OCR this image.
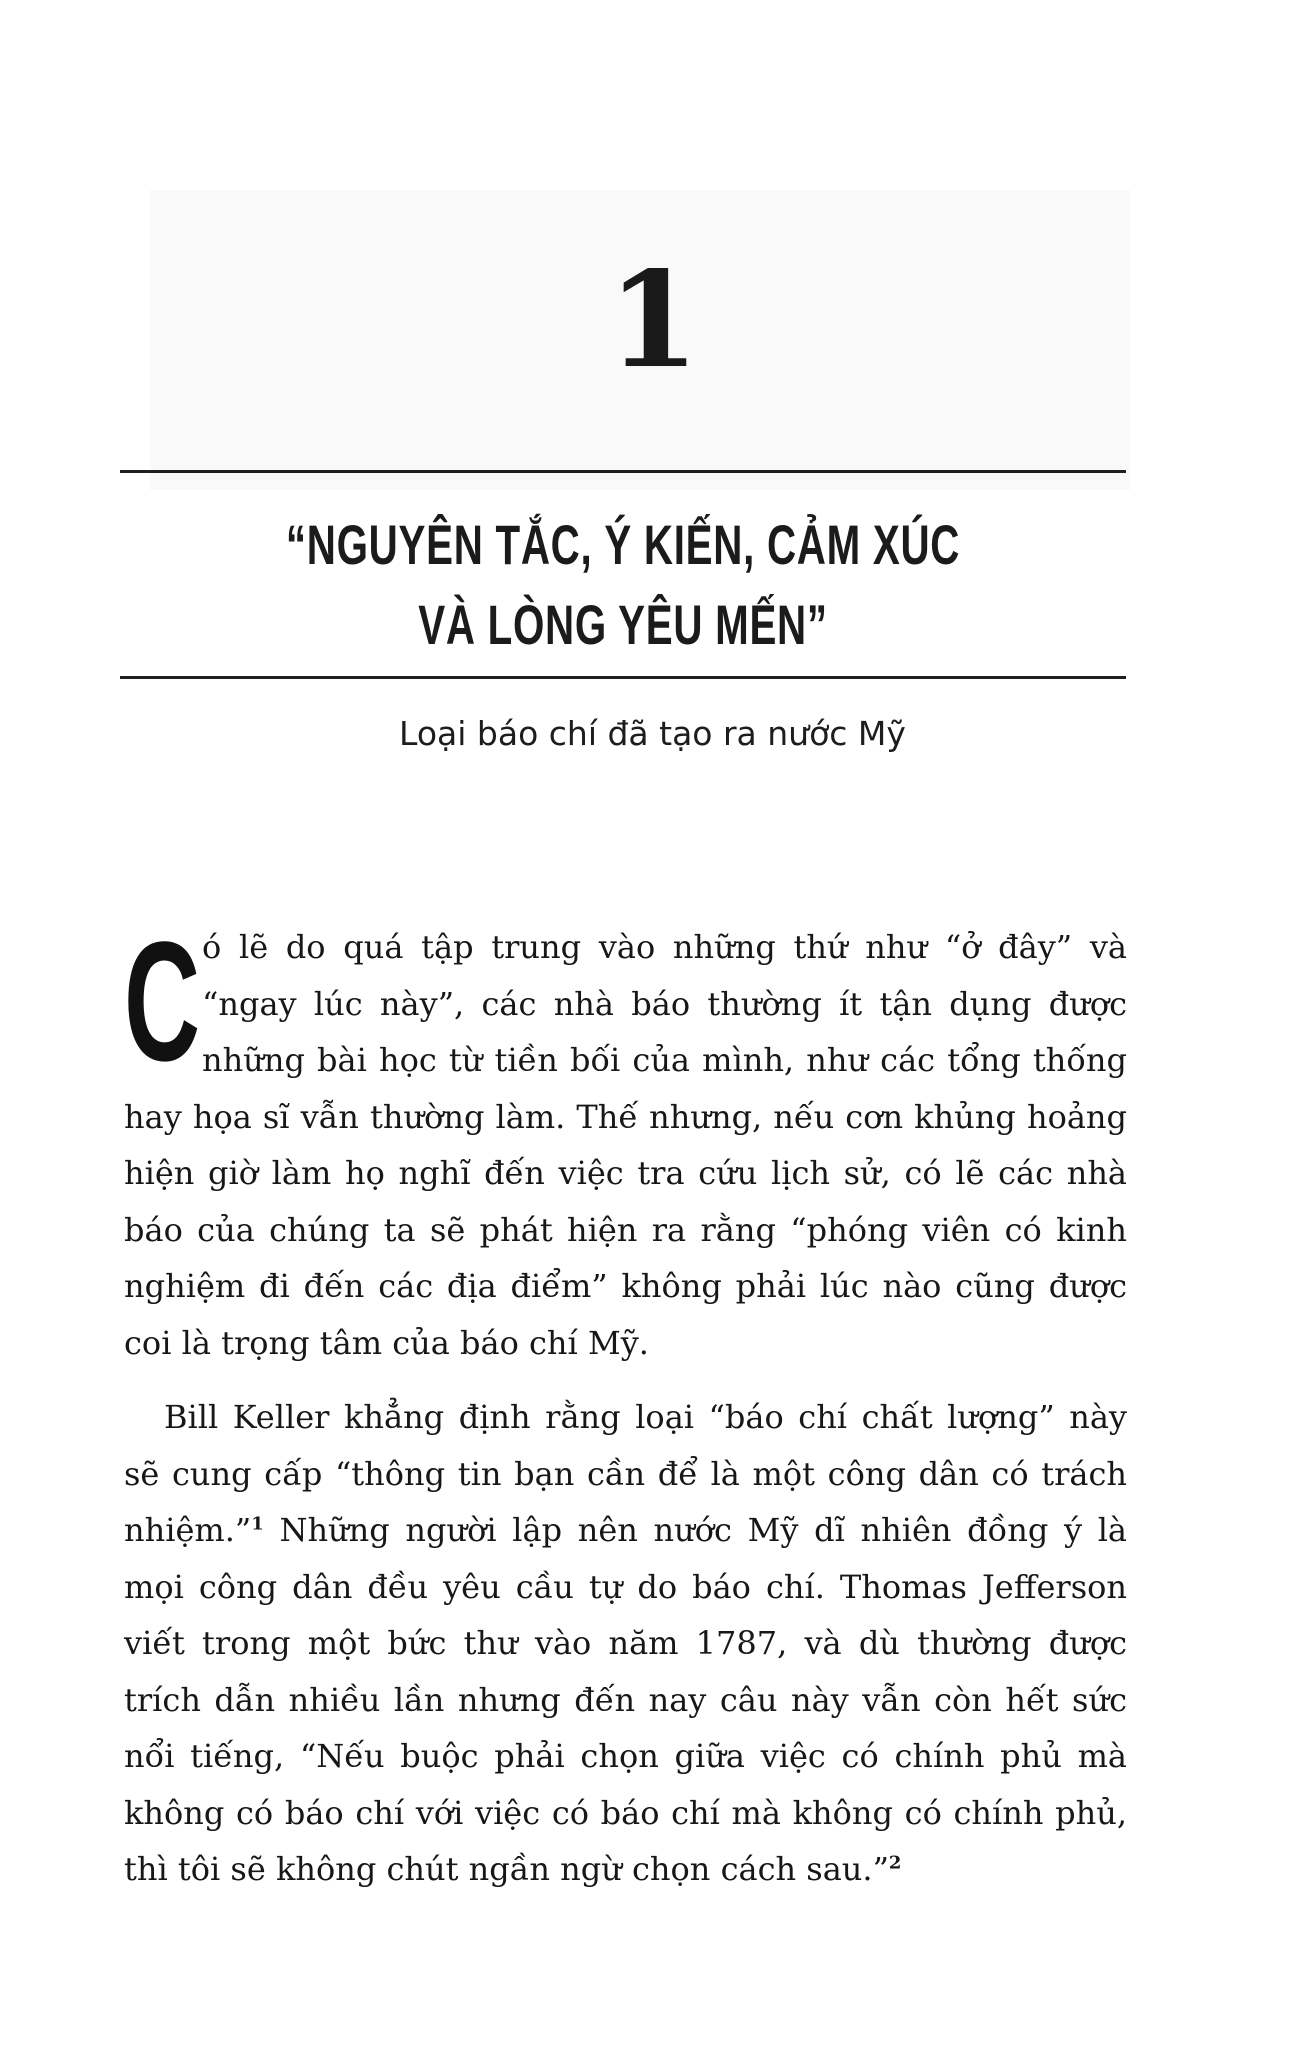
1
“NGUYÊN TẮC, Ý KIẾN, CẢM XÚC
VÀ LÒNG YÊU MẾN”
Loại báo chí đã tạo ra nước Mỹ

Có lẽ do quá tập trung vào những thứ như “ở đây” và “ngay lúc này”, các nhà báo thường ít tận dụng được những bài học từ tiền bối của mình, như các tổng thống hay họa sĩ vẫn thường làm. Thế nhưng, nếu cơn khủng hoảng hiện giờ làm họ nghĩ đến việc tra cứu lịch sử, có lẽ các nhà báo của chúng ta sẽ phát hiện ra rằng “phóng viên có kinh nghiệm đi đến các địa điểm” không phải lúc nào cũng được coi là trọng tâm của báo chí Mỹ.

Bill Keller khẳng định rằng loại “báo chí chất lượng” này sẽ cung cấp “thông tin bạn cần để là một công dân có trách nhiệm.”$^1$ Những người lập nên nước Mỹ dĩ nhiên đồng ý là mọi công dân đều yêu cầu tự do báo chí. Thomas Jefferson viết trong một bức thư vào năm 1787, và dù thường được trích dẫn nhiều lần nhưng đến nay câu này vẫn còn hết sức nổi tiếng, “Nếu buộc phải chọn giữa việc có chính phủ mà không có báo chí với việc có báo chí mà không có chính phủ, thì tôi sẽ không chút ngần ngừ chọn cách sau.”$^2$
